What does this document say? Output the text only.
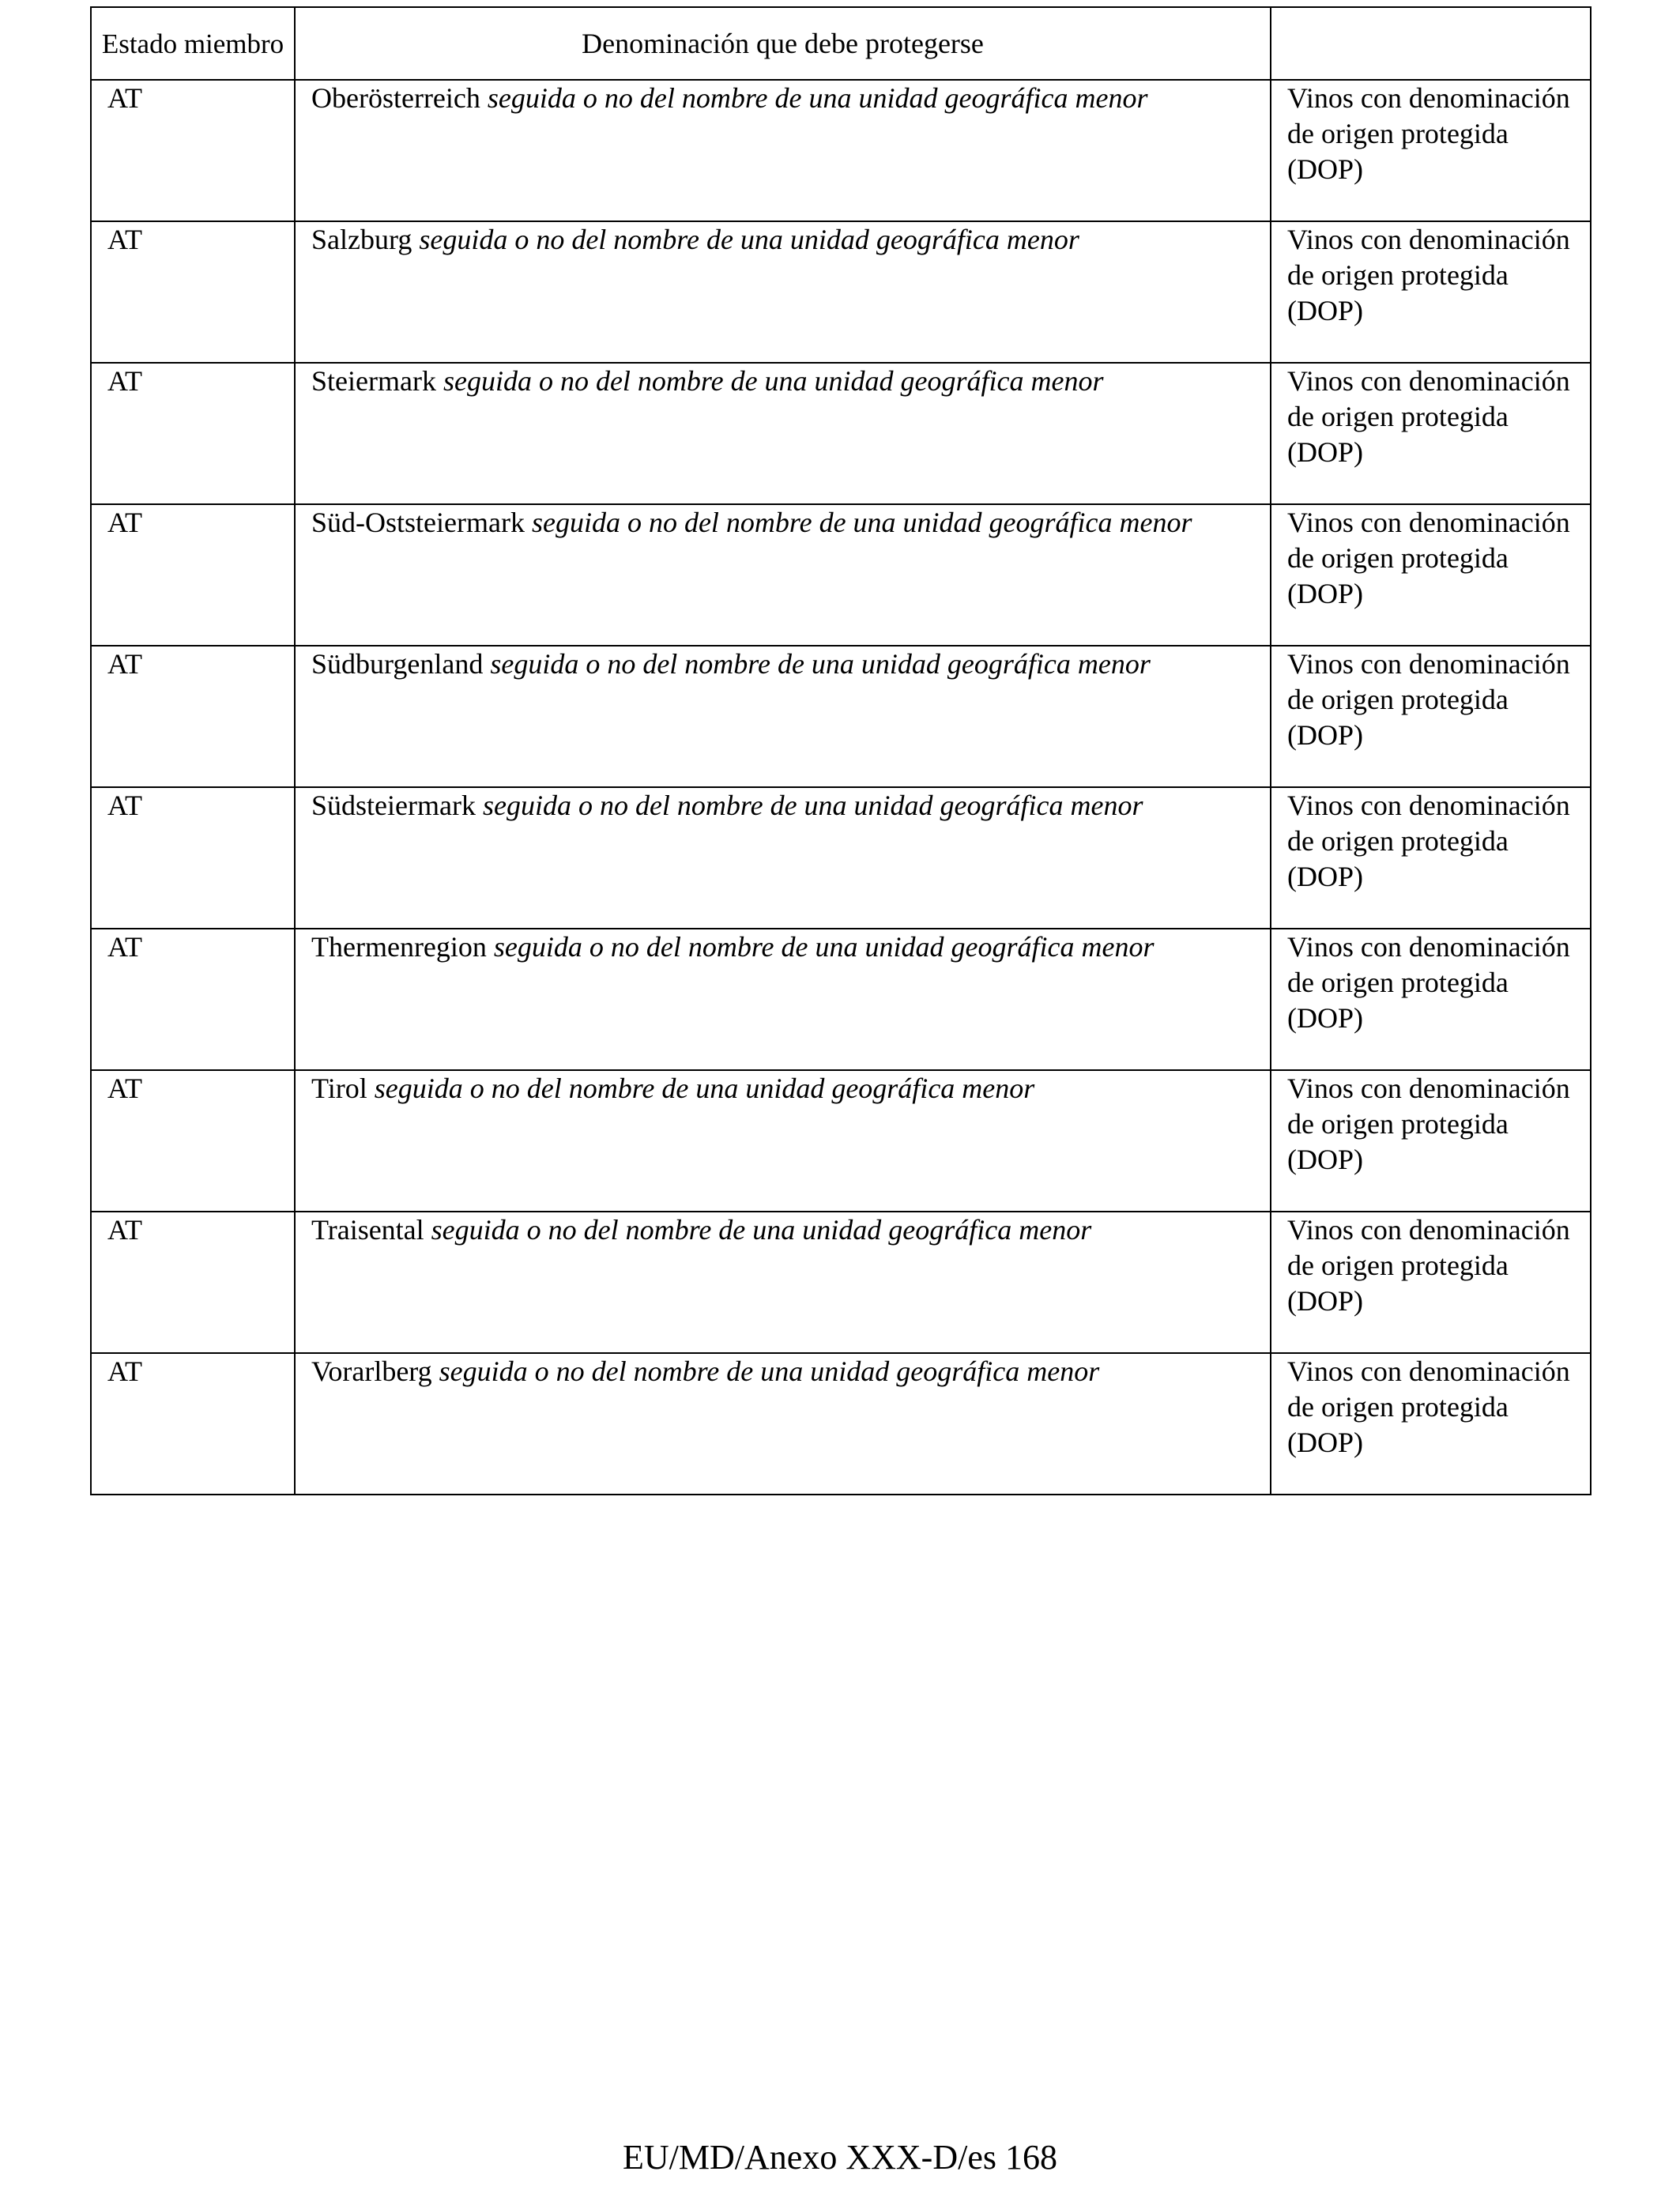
Estado miembro	Denominación que debe protegerse	
AT	Oberösterreich seguida o no del nombre de una unidad geográfica menor	Vinos con denominación de origen protegida (DOP)
AT	Salzburg seguida o no del nombre de una unidad geográfica menor	Vinos con denominación de origen protegida (DOP)
AT	Steiermark seguida o no del nombre de una unidad geográfica menor	Vinos con denominación de origen protegida (DOP)
AT	Süd-Oststeiermark seguida o no del nombre de una unidad geográfica menor	Vinos con denominación de origen protegida (DOP)
AT	Südburgenland seguida o no del nombre de una unidad geográfica menor	Vinos con denominación de origen protegida (DOP)
AT	Südsteiermark seguida o no del nombre de una unidad geográfica menor	Vinos con denominación de origen protegida (DOP)
AT	Thermenregion seguida o no del nombre de una unidad geográfica menor	Vinos con denominación de origen protegida (DOP)
AT	Tirol seguida o no del nombre de una unidad geográfica menor	Vinos con denominación de origen protegida (DOP)
AT	Traisental seguida o no del nombre de una unidad geográfica menor	Vinos con denominación de origen protegida (DOP)
AT	Vorarlberg seguida o no del nombre de una unidad geográfica menor	Vinos con denominación de origen protegida (DOP)
EU/MD/Anexo XXX-D/es 168
